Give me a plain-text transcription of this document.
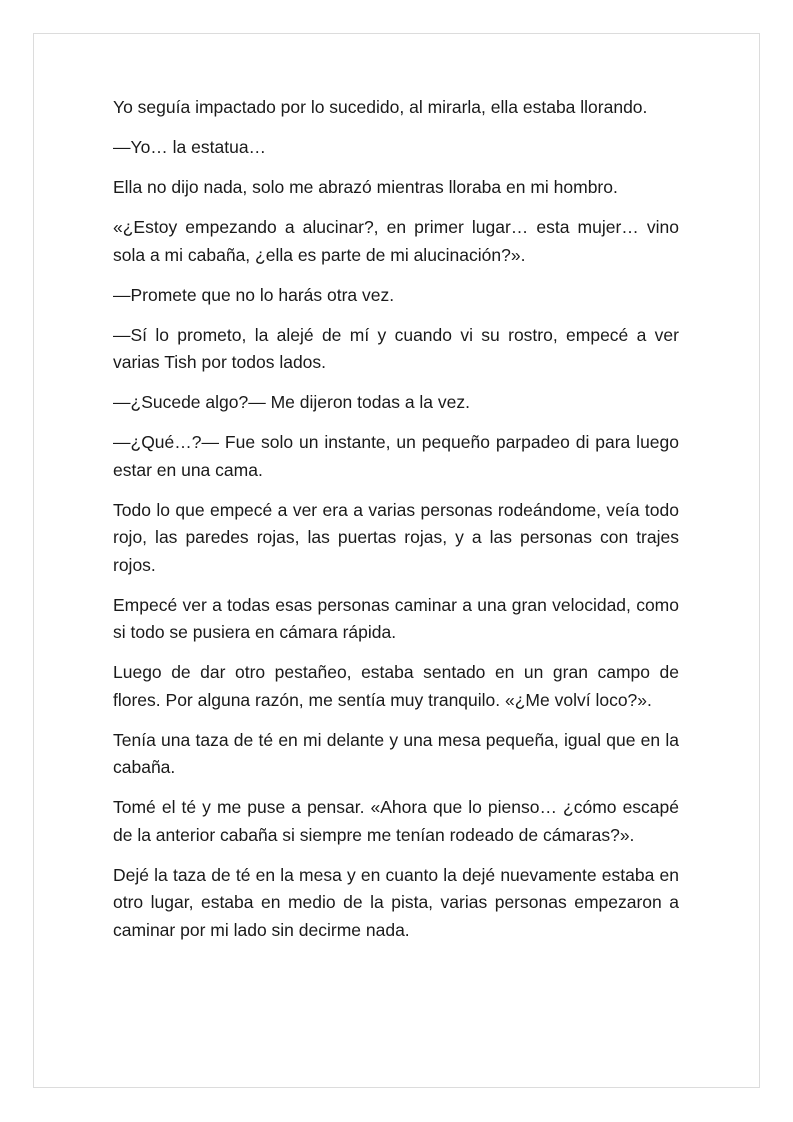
Yo seguía impactado por lo sucedido, al mirarla, ella estaba llorando.

—Yo… la estatua…

Ella no dijo nada, solo me abrazó mientras lloraba en mi hombro.

«¿Estoy empezando a alucinar?, en primer lugar… esta mujer… vino sola a mi cabaña, ¿ella es parte de mi alucinación?».

—Promete que no lo harás otra vez.

—Sí lo prometo, la alejé de mí y cuando vi su rostro, empecé a ver varias Tish por todos lados.

—¿Sucede algo?— Me dijeron todas a la vez.

—¿Qué…?— Fue solo un instante, un pequeño parpadeo di para luego estar en una cama.

Todo lo que empecé a ver era a varias personas rodeándome, veía todo rojo, las paredes rojas, las puertas rojas, y a las personas con trajes rojos.

Empecé ver a todas esas personas caminar a una gran velocidad, como si todo se pusiera en cámara rápida.

Luego de dar otro pestañeo, estaba sentado en un gran campo de flores. Por alguna razón, me sentía muy tranquilo. «¿Me volví loco?».

Tenía una taza de té en mi delante y una mesa pequeña, igual que en la cabaña.

Tomé el té y me puse a pensar. «Ahora que lo pienso… ¿cómo escapé de la anterior cabaña si siempre me tenían rodeado de cámaras?».

Dejé la taza de té en la mesa y en cuanto la dejé nuevamente estaba en otro lugar, estaba en medio de la pista, varias personas empezaron a caminar por mi lado sin decirme nada.
